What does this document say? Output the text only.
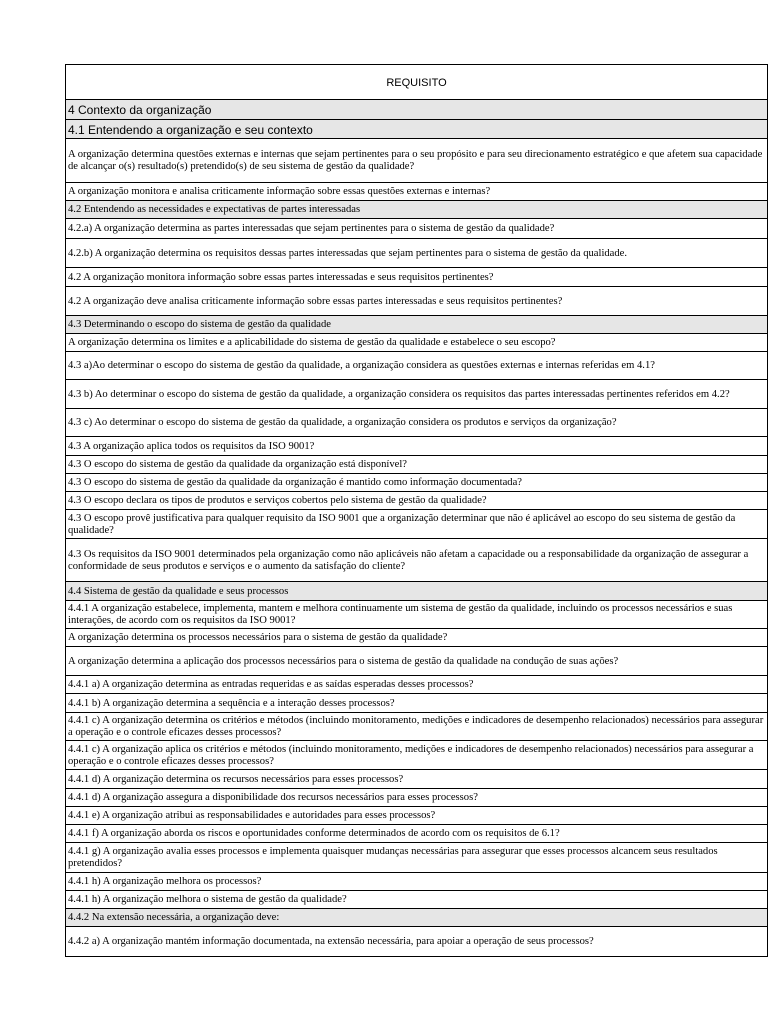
REQUISITO
4 Contexto da organização
4.1 Entendendo a organização e seu contexto
A organização determina questões externas e internas que sejam pertinentes para o seu propósito e para seu direcionamento estratégico e que afetem sua capacidade de alcançar o(s) resultado(s) pretendido(s) de seu sistema de gestão da qualidade?
A organização monitora e analisa criticamente informação sobre essas questões externas e internas?
4.2 Entendendo as necessidades e expectativas de partes interessadas
4.2.a) A organização determina as partes interessadas que sejam pertinentes para o sistema de gestão da qualidade?
4.2.b) A organização determina os requisitos dessas partes interessadas que sejam pertinentes para o sistema de gestão da qualidade.
4.2 A organização monitora informação sobre essas partes interessadas e seus requisitos pertinentes?
4.2 A organização deve analisa criticamente informação sobre essas partes interessadas e seus requisitos pertinentes?
4.3 Determinando o escopo do sistema de gestão da qualidade
A organização determina os limites e a aplicabilidade do sistema de gestão da qualidade e estabelece o seu escopo?
4.3 a)Ao determinar o escopo do sistema de gestão da qualidade, a organização considera as questões externas e internas referidas em 4.1?
4.3 b) Ao determinar o escopo do sistema de gestão da qualidade, a organização considera os requisitos das partes interessadas pertinentes referidos em 4.2?
4.3 c) Ao determinar o escopo do sistema de gestão da qualidade, a organização considera os produtos e serviços da organização?
4.3 A organização aplica todos os requisitos da ISO 9001?
4.3 O escopo do sistema de gestão da qualidade da organização está disponível?
4.3 O escopo do sistema de gestão da qualidade da organização é mantido como informação documentada?
4.3 O escopo declara os tipos de produtos e serviços cobertos pelo sistema de gestão da qualidade?
4.3 O escopo provê justificativa para qualquer requisito da ISO 9001 que a organização determinar que não é aplicável ao escopo do seu sistema de gestão da qualidade?
4.3 Os requisitos da ISO 9001 determinados pela organização como não aplicáveis não afetam a capacidade ou a responsabilidade da organização de assegurar a conformidade de seus produtos e serviços e o aumento da satisfação do cliente?
4.4 Sistema de gestão da qualidade e seus processos
4.4.1 A organização estabelece, implementa, mantem e melhora continuamente um sistema de gestão da qualidade, incluindo os processos necessários e suas interações, de acordo com os requisitos da ISO 9001?
A organização determina os processos necessários para o sistema de gestão da qualidade?
A organização determina a aplicação dos processos necessários para o sistema de gestão da qualidade na condução de suas ações?
4.4.1 a) A organização determina as entradas requeridas e as saídas esperadas desses processos?
4.4.1 b) A organização determina a sequência e a interação desses processos?
4.4.1 c) A organização determina os critérios e métodos (incluindo monitoramento, medições e indicadores de desempenho relacionados) necessários para assegurar a operação e o controle eficazes desses processos?
4.4.1 c) A organização aplica os critérios e métodos (incluindo monitoramento, medições e indicadores de desempenho relacionados) necessários para assegurar a operação e o controle eficazes desses processos?
4.4.1 d) A organização determina os recursos necessários para esses processos?
4.4.1 d) A organização assegura a disponibilidade dos recursos necessários para esses processos?
4.4.1 e) A organização atribui as responsabilidades e autoridades para esses processos?
4.4.1 f) A organização aborda os riscos e oportunidades conforme determinados de acordo com os requisitos de 6.1?
4.4.1 g) A organização avalia esses processos e implementa quaisquer mudanças necessárias para assegurar que esses processos alcancem seus resultados pretendidos?
4.4.1 h) A organização melhora os processos?
4.4.1 h) A organização melhora o sistema de gestão da qualidade?
4.4.2 Na extensão necessária, a organização deve:
4.4.2 a) A organização mantém informação documentada, na extensão necessária, para apoiar a operação de seus processos?
